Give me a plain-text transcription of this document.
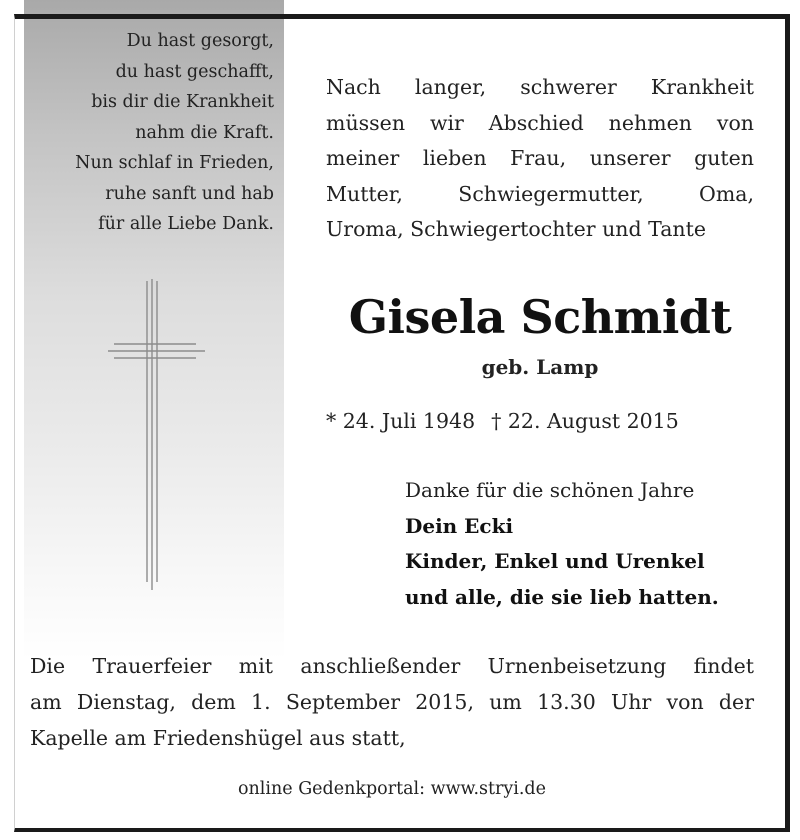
Du hast gesorgt,
du hast geschafft,
bis dir die Krankheit
nahm die Kraft.
Nun schlaf in Frieden,
ruhe sanft und hab
für alle Liebe Dank.
Nach langer, schwerer Krankheit
müssen wir Abschied nehmen von
meiner lieben Frau, unserer guten
Mutter, Schwiegermutter, Oma,
Uroma, Schwiegertochter und Tante
Gisela Schmidt
geb. Lamp
* 24. Juli 1948 † 22. August 2015
Danke für die schönen Jahre
Dein Ecki
Kinder, Enkel und Urenkel
und alle, die sie lieb hatten.
Die Trauerfeier mit anschließender Urnenbeisetzung findet
am Dienstag, dem 1. September 2015, um 13.30 Uhr von der
Kapelle am Friedenshügel aus statt,
online Gedenkportal: www.stryi.de
